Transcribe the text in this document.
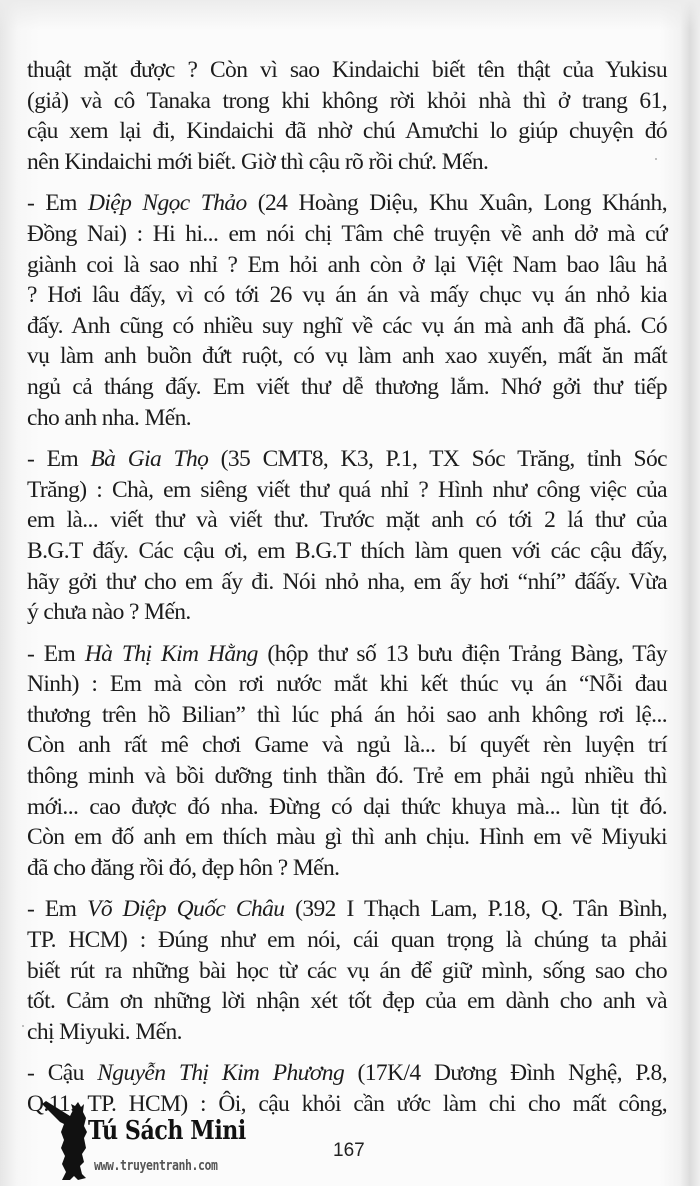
thuật mặt được ? Còn vì sao Kindaichi biết tên thật của Yukisu
(giả) và cô Tanaka trong khi không rời khỏi nhà thì ở trang 61,
cậu xem lại đi, Kindaichi đã nhờ chú Amưchi lo giúp chuyện đó
nên Kindaichi mới biết. Giờ thì cậu rõ rồi chứ. Mến.

- Em Diệp Ngọc Thảo (24 Hoàng Diệu, Khu Xuân, Long Khánh,
Đồng Nai) : Hi hi... em nói chị Tâm chê truyện về anh dở mà cứ
giành coi là sao nhỉ ? Em hỏi anh còn ở lại Việt Nam bao lâu hả
? Hơi lâu đấy, vì có tới 26 vụ án án và mấy chục vụ án nhỏ kia
đấy. Anh cũng có nhiều suy nghĩ về các vụ án mà anh đã phá. Có
vụ làm anh buồn đứt ruột, có vụ làm anh xao xuyến, mất ăn mất
ngủ cả tháng đấy. Em viết thư dễ thương lắm. Nhớ gởi thư tiếp
cho anh nha. Mến.

- Em Bà Gia Thọ (35 CMT8, K3, P.1, TX Sóc Trăng, tỉnh Sóc
Trăng) : Chà, em siêng viết thư quá nhỉ ? Hình như công việc của
em là... viết thư và viết thư. Trước mặt anh có tới 2 lá thư của
B.G.T đấy. Các cậu ơi, em B.G.T thích làm quen với các cậu đấy,
hãy gởi thư cho em ấy đi. Nói nhỏ nha, em ấy hơi “nhí” đấấy. Vừa
ý chưa nào ? Mến.

- Em Hà Thị Kim Hằng (hộp thư số 13 bưu điện Trảng Bàng, Tây
Ninh) : Em mà còn rơi nước mắt khi kết thúc vụ án “Nỗi đau
thương trên hồ Bilian” thì lúc phá án hỏi sao anh không rơi lệ...
Còn anh rất mê chơi Game và ngủ là... bí quyết rèn luyện trí
thông minh và bồi dưỡng tinh thần đó. Trẻ em phải ngủ nhiều thì
mới... cao được đó nha. Đừng có dại thức khuya mà... lùn tịt đó.
Còn em đố anh em thích màu gì thì anh chịu. Hình em vẽ Miyuki
đã cho đăng rồi đó, đẹp hôn ? Mến.

- Em Võ Diệp Quốc Châu (392 I Thạch Lam, P.18, Q. Tân Bình,
TP. HCM) : Đúng như em nói, cái quan trọng là chúng ta phải
biết rút ra những bài học từ các vụ án để giữ mình, sống sao cho
tốt. Cảm ơn những lời nhận xét tốt đẹp của em dành cho anh và
chị Miyuki. Mến.

- Cậu Nguyễn Thị Kim Phương (17K/4 Dương Đình Nghệ, P.8,
Q.11, TP. HCM) : Ôi, cậu khỏi cần ước làm chi cho mất công,

Tú Sách Mini
www.truyentranh.com
167
